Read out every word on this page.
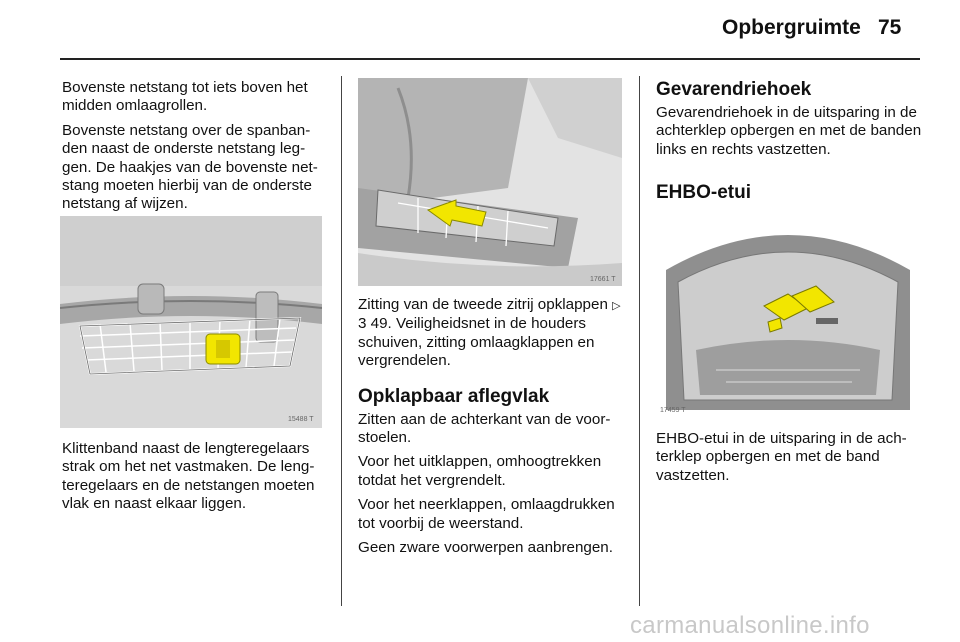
Opbergruimte 75

Bovenste netstang tot iets boven het midden omlaagrollen.

Bovenste netstang over de spanbanden naast de onderste netstang leggen. De haakjes van de bovenste netstang moeten hierbij van de onderste netstang af wijzen.

15488 T

Klittenband naast de lengteregelaars strak om het net vastmaken. De lengteregelaars en de netstangen moeten vlak en naast elkaar liggen.

17661 T

Zitting van de tweede zitrij opklappen ▷ 3 49. Veiligheidsnet in de houders schuiven, zitting omlaagklappen en vergrendelen.

Opklapbaar aflegvlak

Zitten aan de achterkant van de voorstoelen.

Voor het uitklappen, omhoogtrekken totdat het vergrendelt.

Voor het neerklappen, omlaagdrukken tot voorbij de weerstand.

Geen zware voorwerpen aanbrengen.

Gevarendriehoek

Gevarendriehoek in de uitsparing in de achterklep opbergen en met de banden links en rechts vastzetten.

EHBO-etui
17459 T

EHBO-etui in de uitsparing in de achterklep opbergen en met de band vastzetten.

carmanualsonline.info
